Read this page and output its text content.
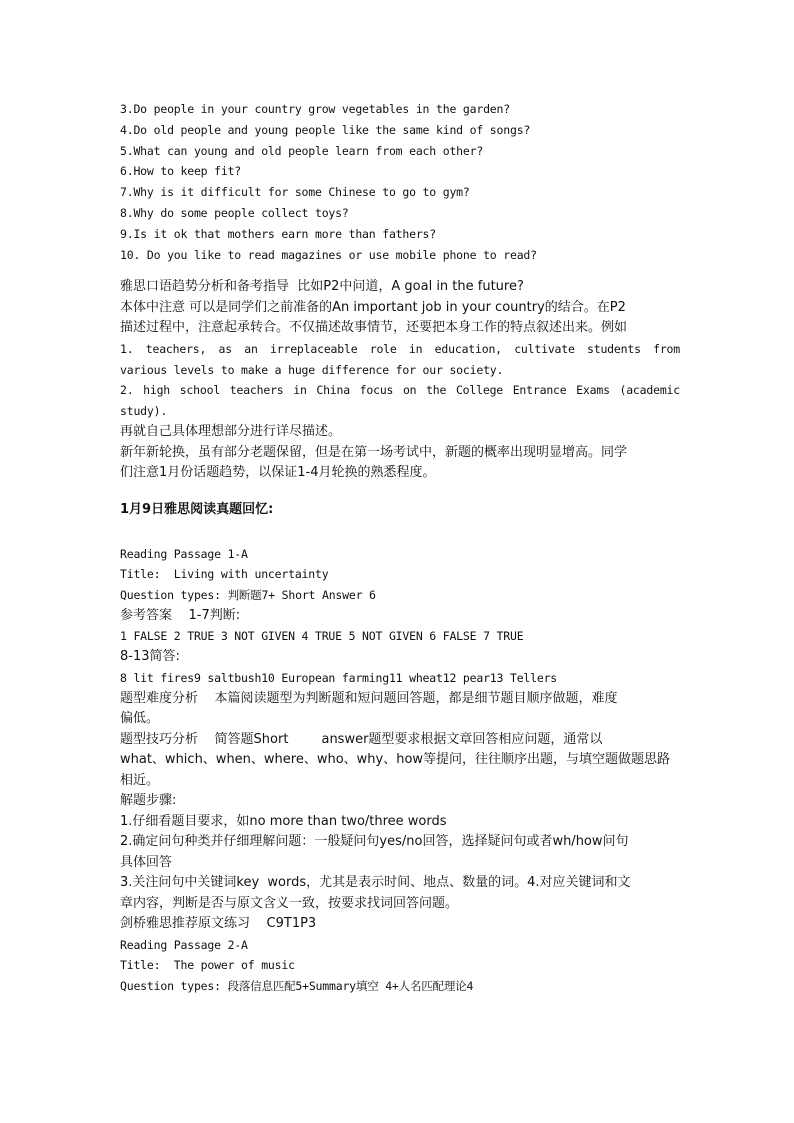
3.Do people in your country grow vegetables in the garden?
4.Do old people and young people like the same kind of songs?
5.What can young and old people learn from each other?
6.How to keep fit?
7.Why is it difficult for some Chinese to go to gym?
8.Why do some people collect toys?
9.Is it ok that mothers earn more than fathers?
10. Do you like to read magazines or use mobile phone to read?
雅思口语趋势分析和备考指导  比如P2中问道，A goal in the future?
本体中注意 可以是同学们之前准备的An important job in your country的结合。在P2
描述过程中，注意起承转合。不仅描述故事情节，还要把本身工作的特点叙述出来。例如
1. teachers, as an irreplaceable role in education, cultivate students from
various levels to make a huge difference for our society.
2. high school teachers in China focus on the College Entrance Exams (academic
study).
再就自己具体理想部分进行详尽描述。
新年新轮换，虽有部分老题保留，但是在第一场考试中，新题的概率出现明显增高。同学
们注意1月份话题趋势，以保证1-4月轮换的熟悉程度。
1月9日雅思阅读真题回忆:
Reading Passage 1-A
Title:  Living with uncertainty
Question types: 判断题7+ Short Answer 6
参考答案    1-7判断:
1 FALSE 2 TRUE 3 NOT GIVEN 4 TRUE 5 NOT GIVEN 6 FALSE 7 TRUE
8-13简答:
8 lit fires9 saltbush10 European farming11 wheat12 pear13 Tellers
题型难度分析    本篇阅读题型为判断题和短问题回答题，都是细节题目顺序做题，难度
偏低。
题型技巧分析    简答题Short        answer题型要求根据文章回答相应问题，通常以
what、which、when、where、who、why、how等提问，往往顺序出题，与填空题做题思路
相近。
解题步骤:
1.仔细看题目要求，如no more than two/three words
2.确定问句种类并仔细理解问题：一般疑问句yes/no回答，选择疑问句或者wh/how问句
具体回答
3.关注问句中关键词key  words，尤其是表示时间、地点、数量的词。4.对应关键词和文
章内容，判断是否与原文含义一致，按要求找词回答问题。
剑桥雅思推荐原文练习    C9T1P3
Reading Passage 2-A
Title:  The power of music
Question types: 段落信息匹配5+Summary填空 4+人名匹配理论4
